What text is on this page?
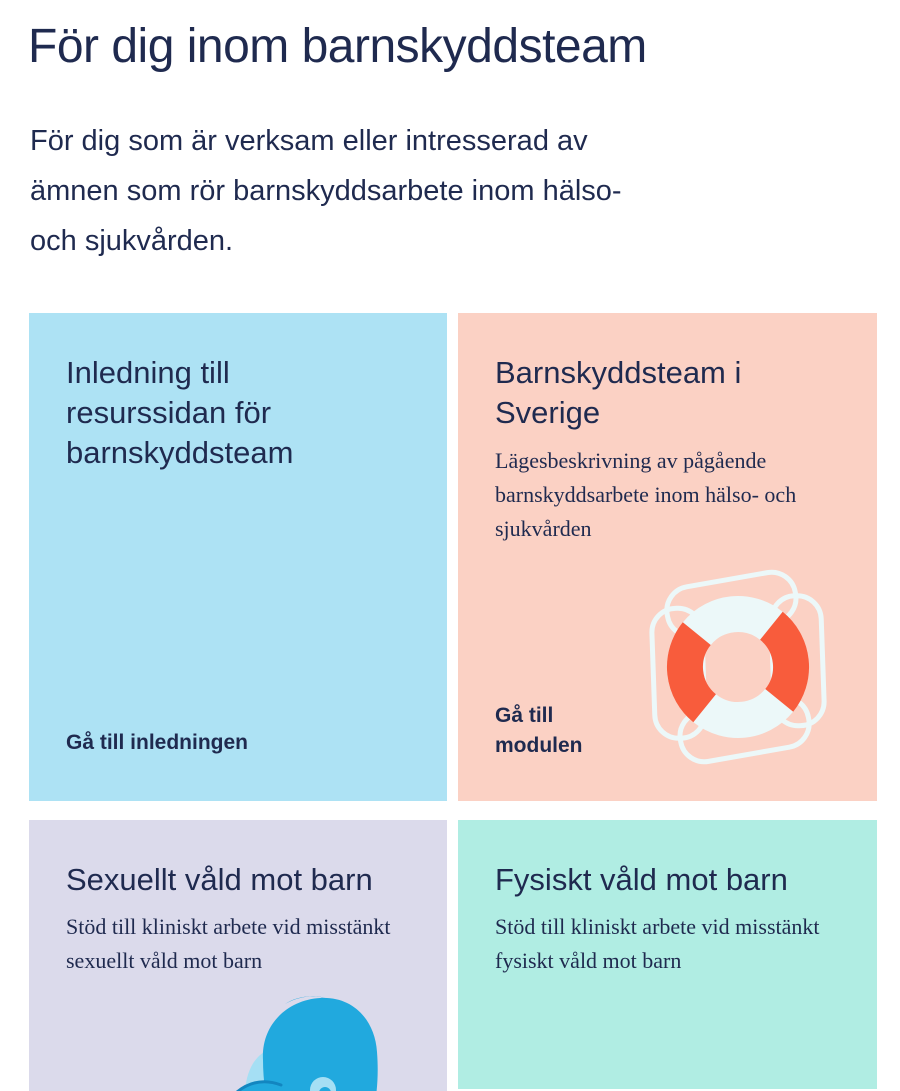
För dig inom barnskyddsteam

För dig som är verksam eller intresserad av ämnen som rör barnskyddsarbete inom hälso- och sjukvården.

Inledning till resurssidan för barnskyddsteam
Gå till inledningen
Barnskyddsteam i Sverige

Lägesbeskrivning av pågående barnskyddsarbete inom hälso- och sjukvården

Gå till modulen
Sexuellt våld mot barn

Stöd till kliniskt arbete vid misstänkt sexuellt våld mot barn

Fysiskt våld mot barn

Stöd till kliniskt arbete vid misstänkt fysiskt våld mot barn
